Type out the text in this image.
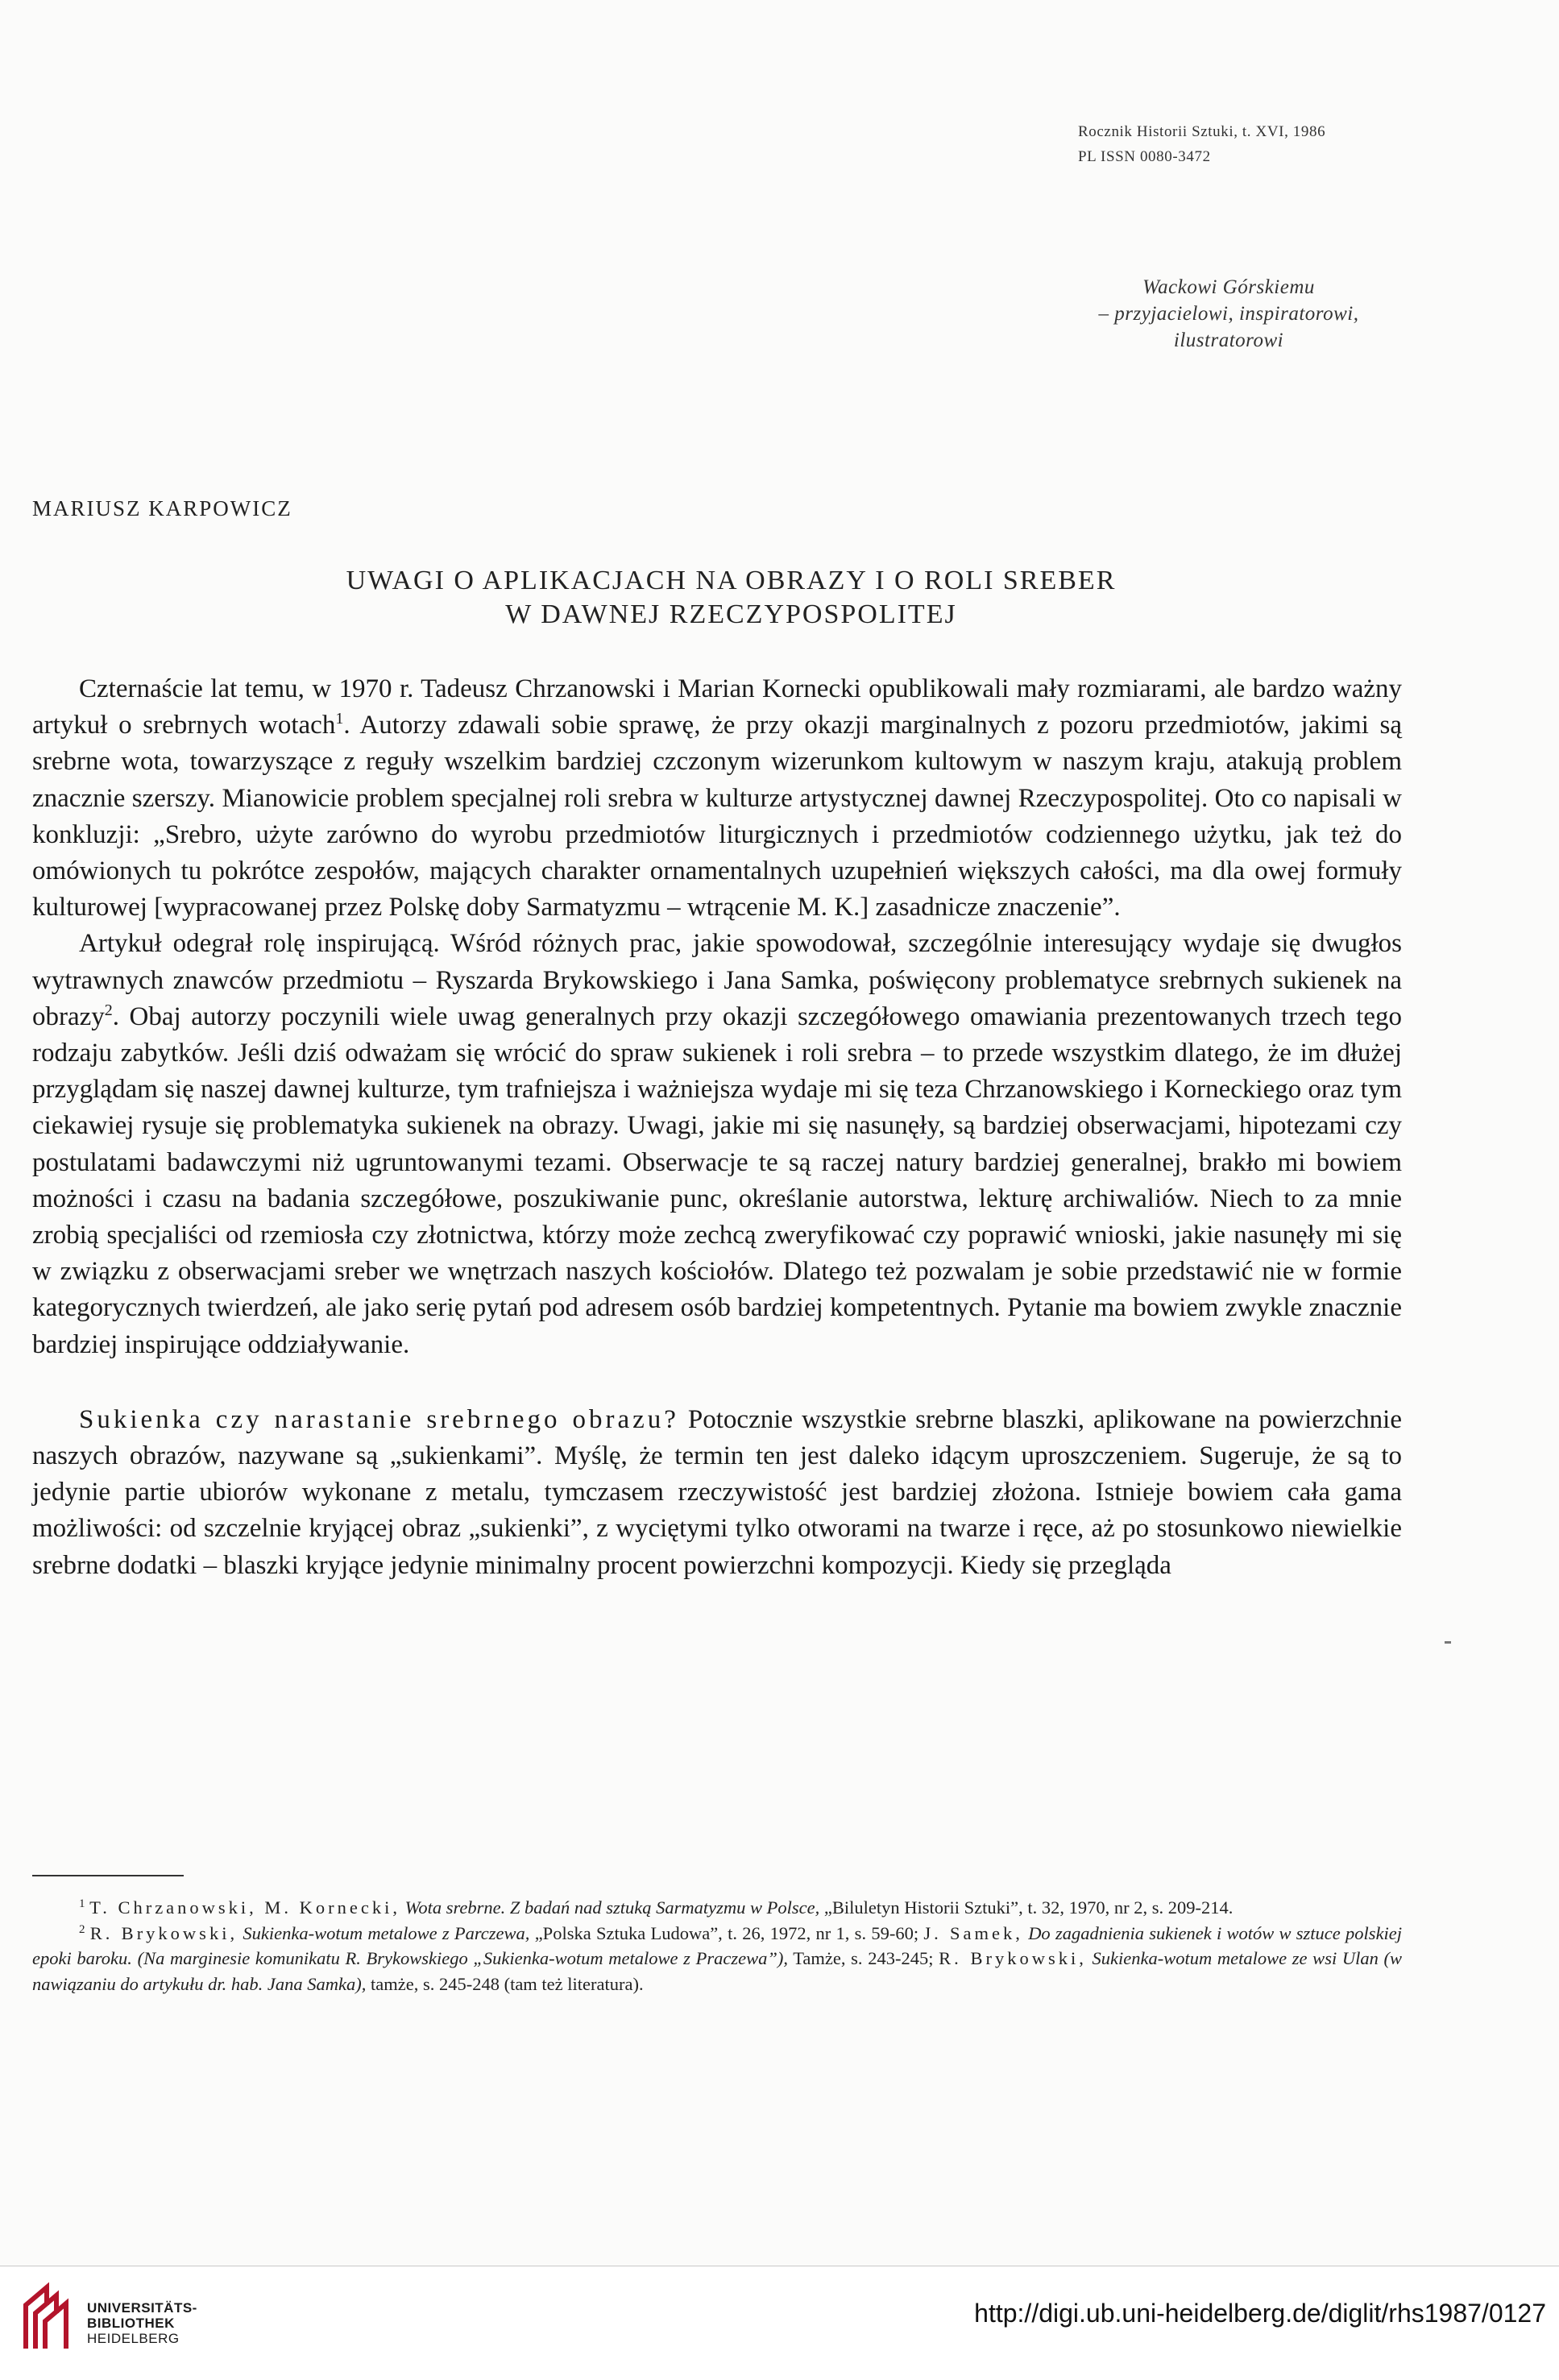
Rocznik Historii Sztuki, t. XVI, 1986
PL ISSN 0080-3472
Wackowi Górskiemu
– przyjacielowi, inspiratorowi,
ilustratorowi
MARIUSZ KARPOWICZ
UWAGI O APLIKACJACH NA OBRAZY I O ROLI SREBER
W DAWNEJ RZECZYPOSPOLITEJ

Czternaście lat temu, w 1970 r. Tadeusz Chrzanowski i Marian Kornecki opublikowali mały rozmiarami, ale bardzo ważny artykuł o srebrnych wotach$^1$. Autorzy zdawali sobie sprawę, że przy okazji marginalnych z pozoru przedmiotów, jakimi są srebrne wota, towarzyszące z reguły wszelkim bardziej czczonym wizerunkom kultowym w naszym kraju, atakują problem znacznie szerszy. Mianowicie problem specjalnej roli srebra w kulturze artystycznej dawnej Rzeczypospolitej. Oto co napisali w konkluzji: „Srebro, użyte zarówno do wyrobu przedmiotów liturgicznych i przedmiotów codziennego użytku, jak też do omówionych tu pokrótce zespołów, mających charakter ornamentalnych uzupełnień większych całości, ma dla owej formuły kulturowej [wypracowanej przez Polskę doby Sarmatyzmu – wtrącenie M. K.] zasadnicze znaczenie”.

Artykuł odegrał rolę inspirującą. Wśród różnych prac, jakie spowodował, szczególnie interesujący wydaje się dwugłos wytrawnych znawców przedmiotu – Ryszarda Brykowskiego i Jana Samka, poświęcony problematyce srebrnych sukienek na obrazy$^2$. Obaj autorzy poczynili wiele uwag generalnych przy okazji szczegółowego omawiania prezentowanych trzech tego rodzaju zabytków. Jeśli dziś odważam się wrócić do spraw sukienek i roli srebra – to przede wszystkim dlatego, że im dłużej przyglądam się naszej dawnej kulturze, tym trafniejsza i ważniejsza wydaje mi się teza Chrzanowskiego i Korneckiego oraz tym ciekawiej rysuje się problematyka sukienek na obrazy. Uwagi, jakie mi się nasunęły, są bardziej obserwacjami, hipotezami czy postulatami badawczymi niż ugruntowanymi tezami. Obserwacje te są raczej natury bardziej generalnej, brakło mi bowiem możności i czasu na badania szczegółowe, poszukiwanie punc, określanie autorstwa, lekturę archiwaliów. Niech to za mnie zrobią specjaliści od rzemiosła czy złotnictwa, którzy może zechcą zweryfikować czy poprawić wnioski, jakie nasunęły mi się w związku z obserwacjami sreber we wnętrzach naszych kościołów. Dlatego też pozwalam je sobie przedstawić nie w formie kategorycznych twierdzeń, ale jako serię pytań pod adresem osób bardziej kompetentnych. Pytanie ma bowiem zwykle znacznie bardziej inspirujące oddziaływanie.

Sukienka czy narastanie srebrnego obrazu? Potocznie wszystkie srebrne blaszki, aplikowane na powierzchnie naszych obrazów, nazywane są „sukienkami”. Myślę, że termin ten jest daleko idącym uproszczeniem. Sugeruje, że są to jedynie partie ubiorów wykonane z metalu, tymczasem rzeczywistość jest bardziej złożona. Istnieje bowiem cała gama możliwości: od szczelnie kryjącej obraz „sukienki”, z wyciętymi tylko otworami na twarze i ręce, aż po stosunkowo niewielkie srebrne dodatki – blaszki kryjące jedynie minimalny procent powierzchni kompozycji. Kiedy się przegląda

$^1$ T. Chrzanowski, M. Kornecki, Wota srebrne. Z badań nad sztuką Sarmatyzmu w Polsce, „Biluletyn Historii Sztuki”, t. 32, 1970, nr 2, s. 209-214.

$^2$ R. Brykowski, Sukienka-wotum metalowe z Parczewa, „Polska Sztuka Ludowa”, t. 26, 1972, nr 1, s. 59-60; J. Samek, Do zagadnienia sukienek i wotów w sztuce polskiej epoki baroku. (Na marginesie komunikatu R. Brykowskiego „Sukienka-wotum metalowe z Praczewa”), Tamże, s. 243-245; R. Brykowski, Sukienka-wotum metalowe ze wsi Ulan (w nawiązaniu do artykułu dr. hab. Jana Samka), tamże, s. 245-248 (tam też literatura).

UNIVERSITÄTS-
BIBLIOTHEK
HEIDELBERG
http://digi.ub.uni-heidelberg.de/diglit/rhs1987/0127
